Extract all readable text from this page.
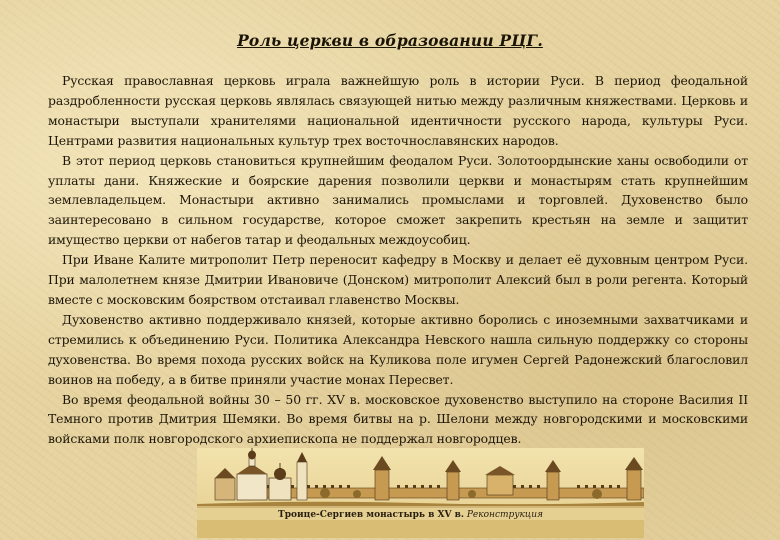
Роль церкви в образовании РЦГ.

Русская православная церковь играла важнейшую роль в истории Руси. В период феодальной раздробленности русская церковь являлась связующей нитью между различным княжествами. Церковь и монастыри выступали хранителями национальной идентичности русского народа, культуры Руси. Центрами развития национальных культур трех восточнославянских народов.

В этот период церковь становиться крупнейшим феодалом Руси. Золотоордынские ханы освободили от уплаты дани. Княжеские и боярские дарения позволили церкви и монастырям стать крупнейшим землевладельцем. Монастыри активно занимались промыслами и торговлей. Духовенство было заинтересовано в сильном государстве, которое сможет закрепить крестьян на земле и защитит имущество церкви от набегов татар и феодальных междоусобиц.

При Иване Калите митрополит Петр переносит кафедру в Москву и делает её духовным центром Руси. При малолетнем князе Дмитрии Ивановиче (Донском) митрополит Алексий был в роли регента. Который вместе с московским боярством отстаивал главенство Москвы.

Духовенство активно поддерживало князей, которые активно боролись с иноземными захватчиками и стремились к объединению Руси. Политика Александра Невского нашла сильную поддержку со стороны духовенства. Во время похода русских войск на Куликова поле игумен Сергей Радонежский благословил воинов на победу, а в битве приняли участие монах Пересвет.

Во время феодальной войны 30 – 50 гг. XV в. московское духовенство выступило на стороне Василия II Темного против Дмитрия Шемяки. Во время битвы на р. Шелони между новгородскими и московскими войсками полк новгородского архиепископа не поддержал новгородцев.

Троице-Сергиев монастырь в XV в. Реконструкция
